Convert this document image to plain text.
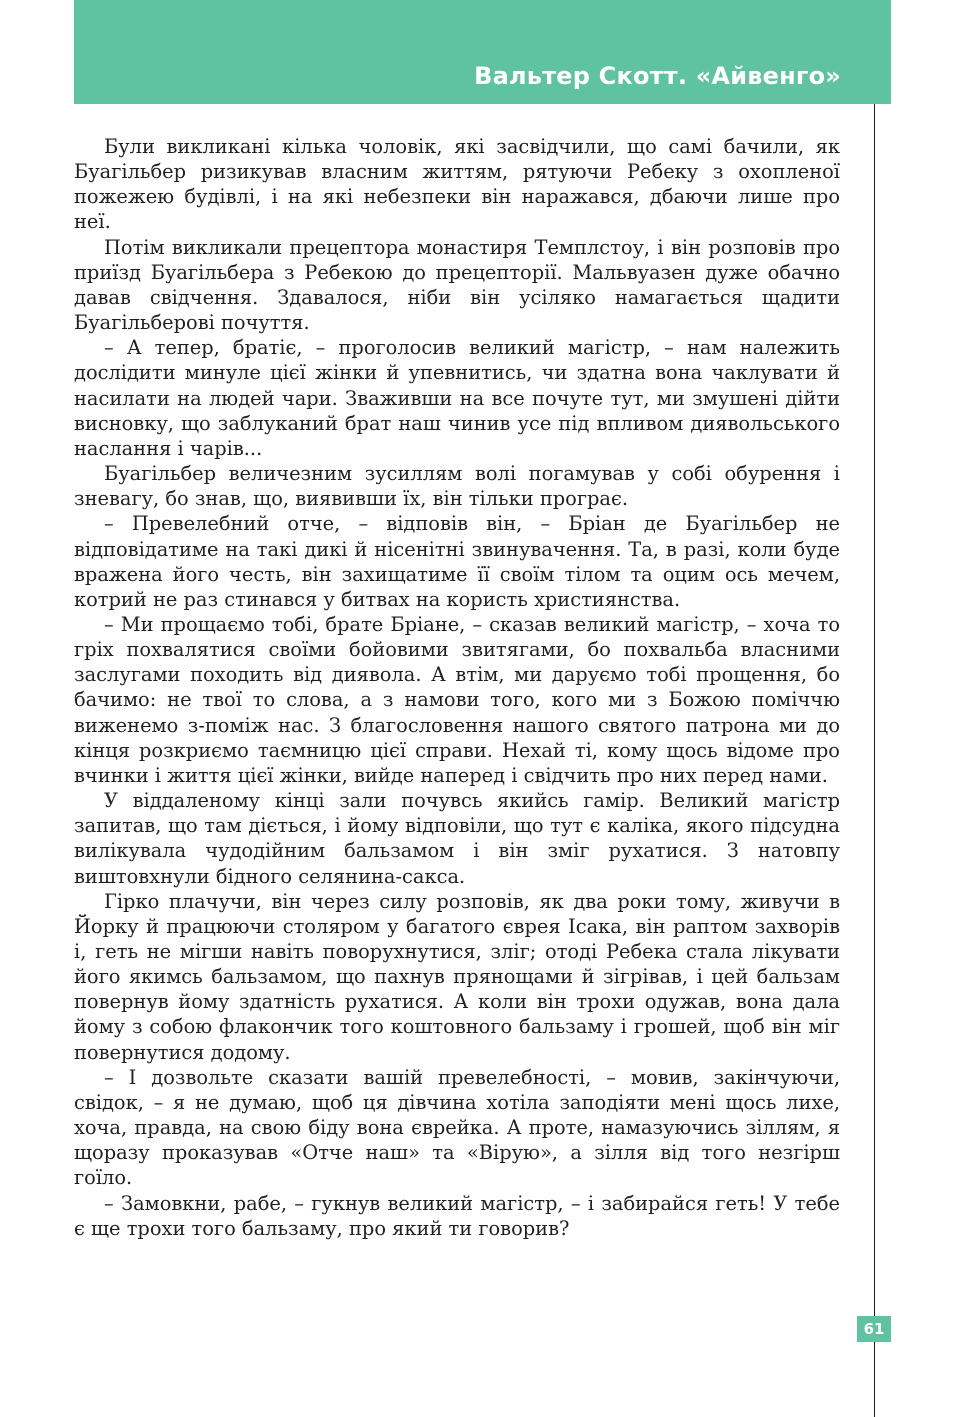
Вальтер Скотт. «Айвенго»

Були викликані кілька чоловік, які засвідчили, що самі бачили, як Буагільбер ризикував власним життям, рятуючи Ребеку з охопленої пожежею будівлі, і на які небезпеки він наражався, дбаючи лише про неї.

Потім викликали прецептора монастиря Темплстоу, і він розповів про приїзд Буагільбера з Ребекою до прецепторії. Мальвуазен дуже обачно давав свідчення. Здавалося, ніби він усіляко намагається щадити Буагільберові почуття.

– А тепер, братіє, – проголосив великий магістр, – нам належить дослідити минуле цієї жінки й упевнитись, чи здатна вона чаклувати й насилати на людей чари. Зваживши на все почуте тут, ми змушені дійти висновку, що заблуканий брат наш чинив усе під впливом диявольського наслання і чарів...

Буагільбер величезним зусиллям волі погамував у собі обурення і зневагу, бо знав, що, виявивши їх, він тільки програє.

– Превелебний отче, – відповів він, – Бріан де Буагільбер не відповідатиме на такі дикі й нісенітні звинувачення. Та, в разі, коли буде вражена його честь, він захищатиме її своїм тілом та оцим ось мечем, котрий не раз стинався у битвах на користь християнства.

– Ми прощаємо тобі, брате Бріане, – сказав великий магістр, – хоча то гріх похвалятися своїми бойовими звитягами, бо похвальба власними заслугами походить від диявола. А втім, ми даруємо тобі прощення, бо бачимо: не твої то слова, а з намови того, кого ми з Божою поміччю виженемо з-поміж нас. З благословення нашого святого патрона ми до кінця розкриємо таємницю цієї справи. Нехай ті, кому щось відоме про вчинки і життя цієї жінки, вийде наперед і свідчить про них перед нами.

У віддаленому кінці зали почувсь якийсь гамір. Великий магістр запитав, що там діється, і йому відповіли, що тут є каліка, якого підсудна вилікувала чудодійним бальзамом і він зміг рухатися. З натовпу виштовхнули бідного селянина-сакса.

Гірко плачучи, він через силу розповів, як два роки тому, живучи в Йорку й працюючи столяром у багатого єврея Ісака, він раптом захворів і, геть не мігши навіть поворухнутися, зліг; отоді Ребека стала лікувати його якимсь бальзамом, що пахнув прянощами й зігрівав, і цей бальзам повернув йому здатність рухатися. А коли він трохи одужав, вона дала йому з собою флакончик того коштовного бальзаму і грошей, щоб він міг повернутися додому.

– І дозвольте сказати вашій превелебності, – мовив, закінчуючи, свідок, – я не думаю, щоб ця дівчина хотіла заподіяти мені щось лихе, хоча, правда, на свою біду вона єврейка. А проте, намазуючись зіллям, я щоразу проказував «Отче наш» та «Вірую», а зілля від того незгірш гоїло.

– Замовкни, рабе, – гукнув великий магістр, – і забирайся геть! У тебе є ще трохи того бальзаму, про який ти говорив?

61
